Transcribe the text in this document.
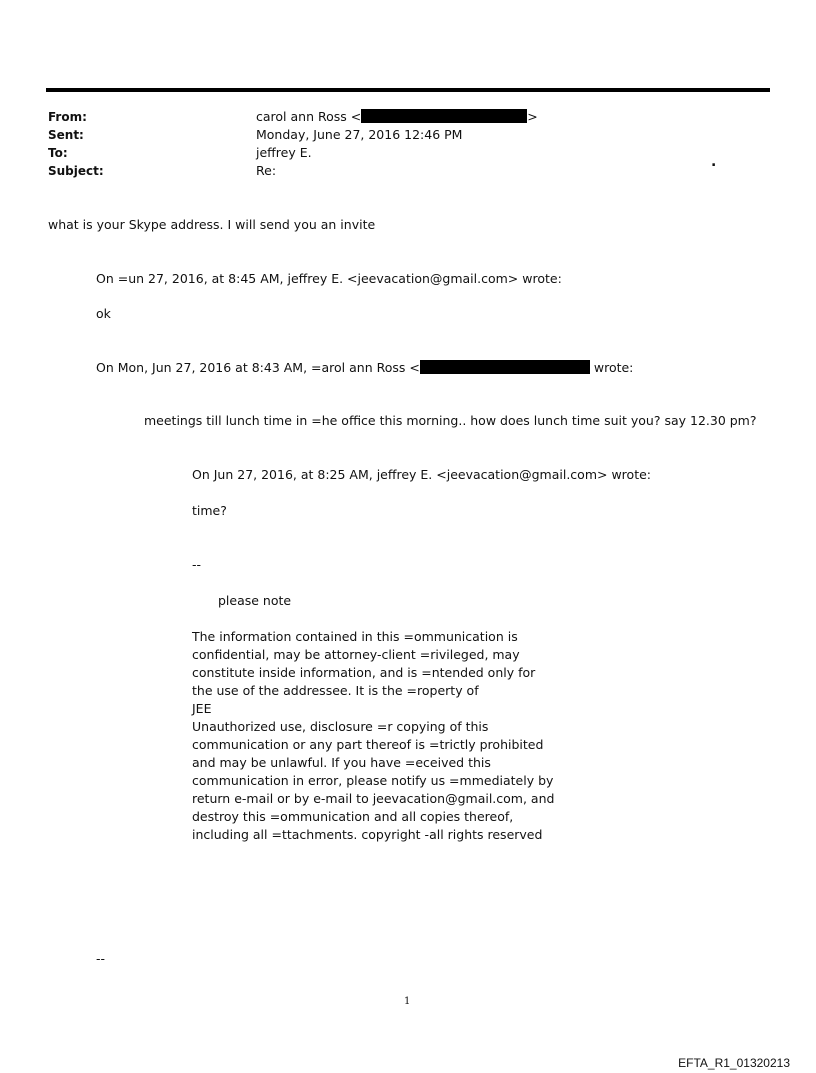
From:
Sent:
To:
Subject:
carol ann Ross <	>
Monday, June 27, 2016 12:46 PM
jeffrey E.
Re:
.
what is your Skype address. I will send you an invite
On =un 27, 2016, at 8:45 AM, jeffrey E. <jeevacation@gmail.com> wrote:
ok
On Mon, Jun 27, 2016 at 8:43 AM, =arol ann Ross <	wrote:
meetings till lunch time in =he office this morning.. how does lunch time suit you? say 12.30 pm?
On Jun 27, 2016, at 8:25 AM, jeffrey E. <jeevacation@gmail.com> wrote:
time?
--
please note
The information contained in this =ommunication is
confidential, may be attorney-client =rivileged, may
constitute inside information, and is =ntended only for
the use of the addressee. It is the =roperty of
JEE
Unauthorized use, disclosure =r copying of this
communication or any part thereof is =trictly prohibited
and may be unlawful. If you have =eceived this
communication in error, please notify us =mmediately by
return e-mail or by e-mail to jeevacation@gmail.com, and
destroy this =ommunication and all copies thereof,
including all =ttachments. copyright -all rights reserved
--
1
EFTA_R1_01320213
